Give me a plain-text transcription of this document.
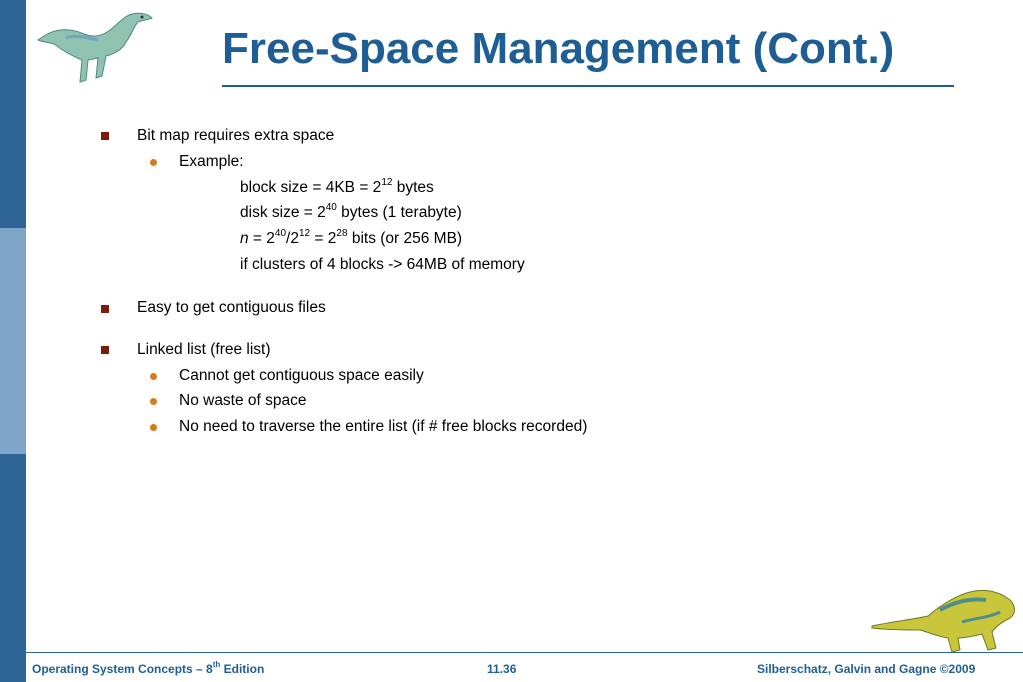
Free-Space Management (Cont.)
Bit map requires extra space
Example:
block size = $4KB = 2^{12}$ bytes
disk size = $2^{40}$ bytes (1 terabyte)
$n = 2^{40}/2^{12} = 2^{28}$ bits (or 256 MB)
if clusters of 4 blocks -> 64MB of memory
Easy to get contiguous files
Linked list (free list)
Cannot get contiguous space easily
No waste of space
No need to traverse the entire list (if # free blocks recorded)
Operating System Concepts – 8th Edition	11.36	Silberschatz, Galvin and Gagne ©2009
